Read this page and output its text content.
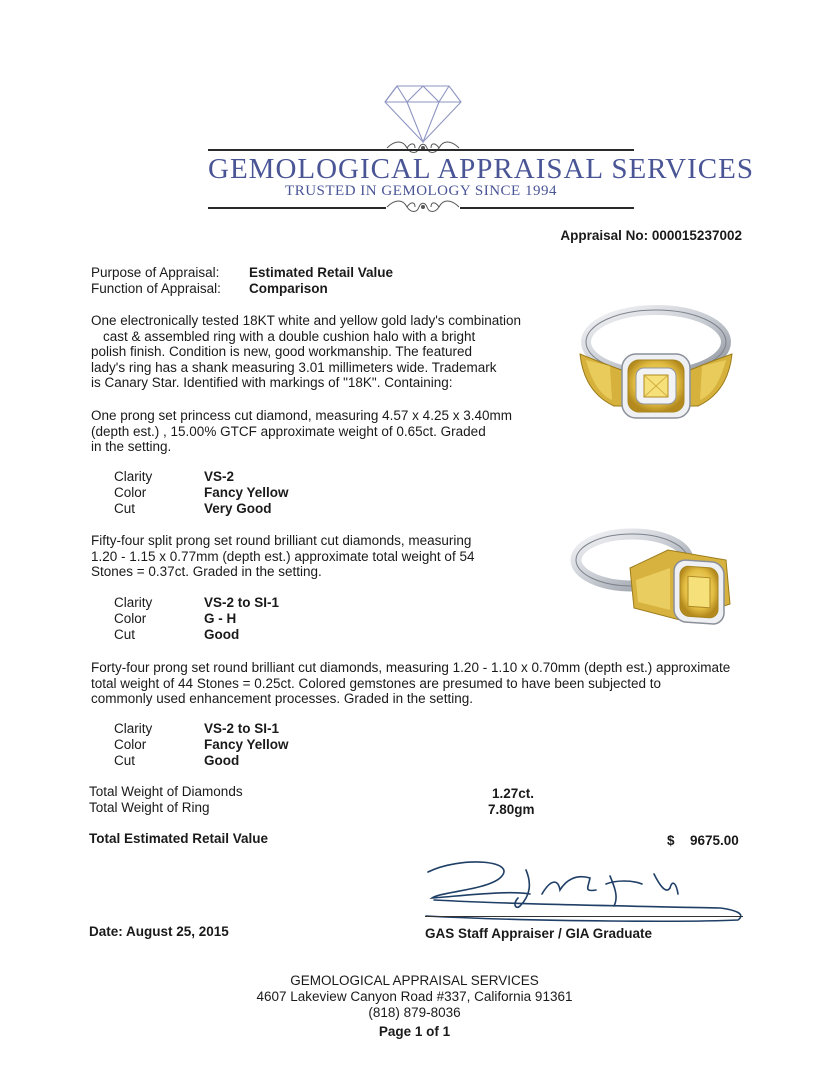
GEMOLOGICAL APPRAISAL SERVICES
TRUSTED IN GEMOLOGY SINCE 1994
Appraisal No: 000015237002
Purpose of Appraisal: Estimated Retail Value
Function of Appraisal: Comparison
One electronically tested 18KT white and yellow gold lady's combination
cast & assembled ring with a double cushion halo with a bright
polish finish. Condition is new, good workmanship. The featured
lady's ring has a shank measuring 3.01 millimeters wide. Trademark
is Canary Star. Identified with markings of "18K". Containing:
One prong set princess cut diamond, measuring 4.57 x 4.25 x 3.40mm
(depth est.) , 15.00% GTCF approximate weight of 0.65ct. Graded
in the setting.
Clarity	VS-2
Color	Fancy Yellow
Cut	Very Good
Fifty-four split prong set round brilliant cut diamonds, measuring
1.20 - 1.15 x 0.77mm (depth est.) approximate total weight of 54
Stones = 0.37ct. Graded in the setting.
Clarity	VS-2 to SI-1
Color	G - H
Cut	Good
Forty-four prong set round brilliant cut diamonds, measuring 1.20 - 1.10 x 0.70mm (depth est.) approximate
total weight of 44 Stones = 0.25ct. Colored gemstones are presumed to have been subjected to
commonly used enhancement processes. Graded in the setting.
Clarity	VS-2 to SI-1
Color	Fancy Yellow
Cut	Good
Total Weight of Diamonds	1.27ct.
Total Weight of Ring	7.80gm
Total Estimated Retail Value	$ 9675.00
Date: August 25, 2015	GAS Staff Appraiser / GIA Graduate
GEMOLOGICAL APPRAISAL SERVICES
4607 Lakeview Canyon Road #337, California 91361
(818) 879-8036
Page 1 of 1
